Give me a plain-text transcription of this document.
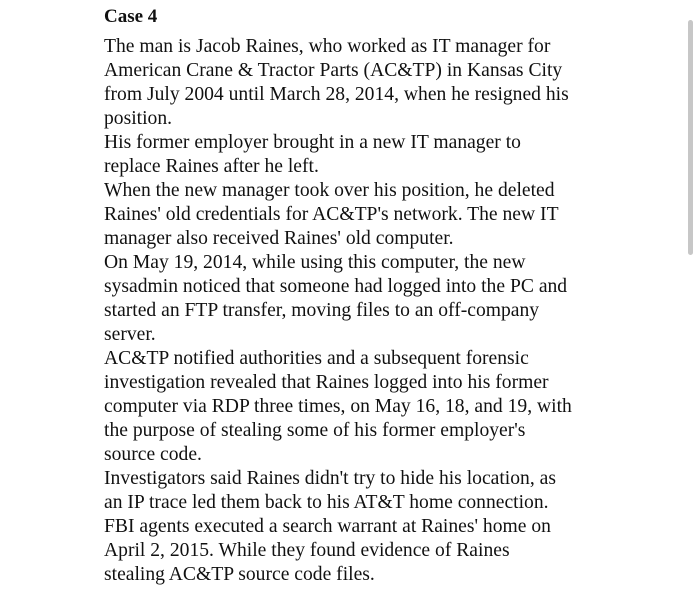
Case 4
The man is Jacob Raines, who worked as IT manager for
American Crane & Tractor Parts (AC&TP) in Kansas City
from July 2004 until March 28, 2014, when he resigned his
position.
His former employer brought in a new IT manager to
replace Raines after he left.
When the new manager took over his position, he deleted
Raines' old credentials for AC&TP's network. The new IT
manager also received Raines' old computer.
On May 19, 2014, while using this computer, the new
sysadmin noticed that someone had logged into the PC and
started an FTP transfer, moving files to an off-company
server.
AC&TP notified authorities and a subsequent forensic
investigation revealed that Raines logged into his former
computer via RDP three times, on May 16, 18, and 19, with
the purpose of stealing some of his former employer's
source code.
Investigators said Raines didn't try to hide his location, as
an IP trace led them back to his AT&T home connection.
FBI agents executed a search warrant at Raines' home on
April 2, 2015. While they found evidence of Raines
stealing AC&TP source code files.
